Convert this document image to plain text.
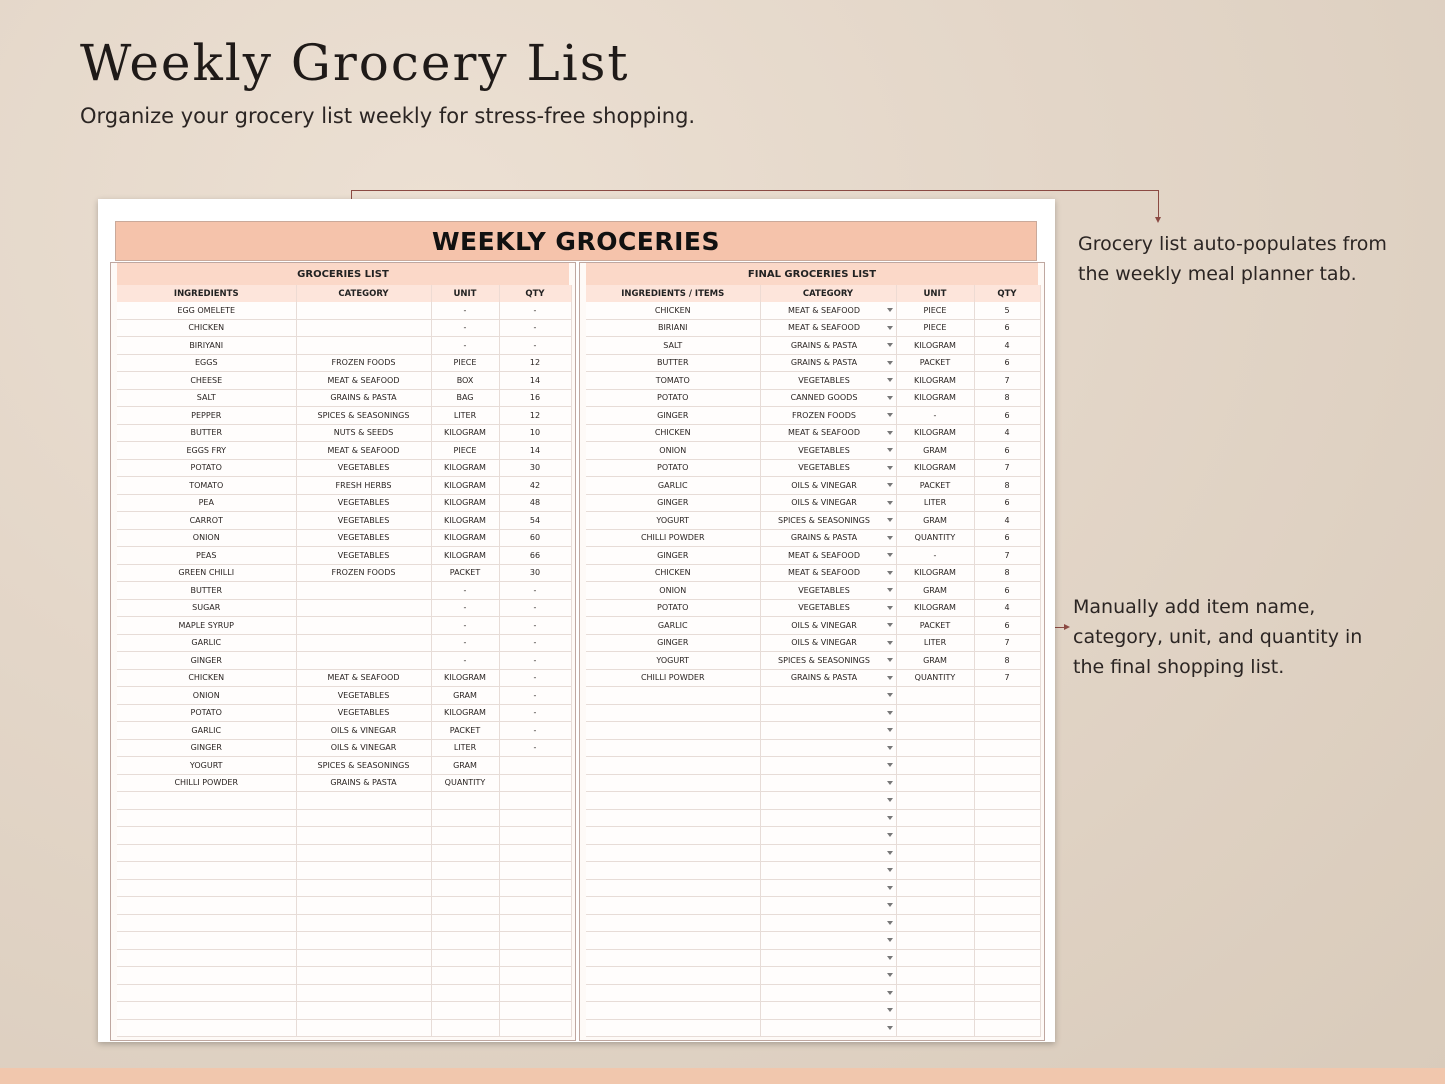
Weekly Grocery List
Organize your grocery list weekly for stress-free shopping.
Grocery list auto-populates from the weekly meal planner tab.
Manually add item name, category, unit, and quantity in the final shopping list.
WEEKLY GROCERIES
GROCERIES LIST
INGREDIENTS	CATEGORY	UNIT	QTY
EGG OMELETE		-	-
CHICKEN		-	-
BIRIYANI		-	-
EGGS	FROZEN FOODS	PIECE	12
CHEESE	MEAT & SEAFOOD	BOX	14
SALT	GRAINS & PASTA	BAG	16
PEPPER	SPICES & SEASONINGS	LITER	12
BUTTER	NUTS & SEEDS	KILOGRAM	10
EGGS FRY	MEAT & SEAFOOD	PIECE	14
POTATO	VEGETABLES	KILOGRAM	30
TOMATO	FRESH HERBS	KILOGRAM	42
PEA	VEGETABLES	KILOGRAM	48
CARROT	VEGETABLES	KILOGRAM	54
ONION	VEGETABLES	KILOGRAM	60
PEAS	VEGETABLES	KILOGRAM	66
GREEN CHILLI	FROZEN FOODS	PACKET	30
BUTTER		-	-
SUGAR		-	-
MAPLE SYRUP		-	-
GARLIC		-	-
GINGER		-	-
CHICKEN	MEAT & SEAFOOD	KILOGRAM	-
ONION	VEGETABLES	GRAM	-
POTATO	VEGETABLES	KILOGRAM	-
GARLIC	OILS & VINEGAR	PACKET	-
GINGER	OILS & VINEGAR	LITER	-
YOGURT	SPICES & SEASONINGS	GRAM	
CHILLI POWDER	GRAINS & PASTA	QUANTITY	

FINAL GROCERIES LIST
INGREDIENTS / ITEMS	CATEGORY	UNIT	QTY
CHICKEN	MEAT & SEAFOOD	PIECE	5
BIRIANI	MEAT & SEAFOOD	PIECE	6
SALT	GRAINS & PASTA	KILOGRAM	4
BUTTER	GRAINS & PASTA	PACKET	6
TOMATO	VEGETABLES	KILOGRAM	7
POTATO	CANNED GOODS	KILOGRAM	8
GINGER	FROZEN FOODS	-	6
CHICKEN	MEAT & SEAFOOD	KILOGRAM	4
ONION	VEGETABLES	GRAM	6
POTATO	VEGETABLES	KILOGRAM	7
GARLIC	OILS & VINEGAR	PACKET	8
GINGER	OILS & VINEGAR	LITER	6
YOGURT	SPICES & SEASONINGS	GRAM	4
CHILLI POWDER	GRAINS & PASTA	QUANTITY	6
GINGER	MEAT & SEAFOOD	-	7
CHICKEN	MEAT & SEAFOOD	KILOGRAM	8
ONION	VEGETABLES	GRAM	6
POTATO	VEGETABLES	KILOGRAM	4
GARLIC	OILS & VINEGAR	PACKET	6
GINGER	OILS & VINEGAR	LITER	7
YOGURT	SPICES & SEASONINGS	GRAM	8
CHILLI POWDER	GRAINS & PASTA	QUANTITY	7
